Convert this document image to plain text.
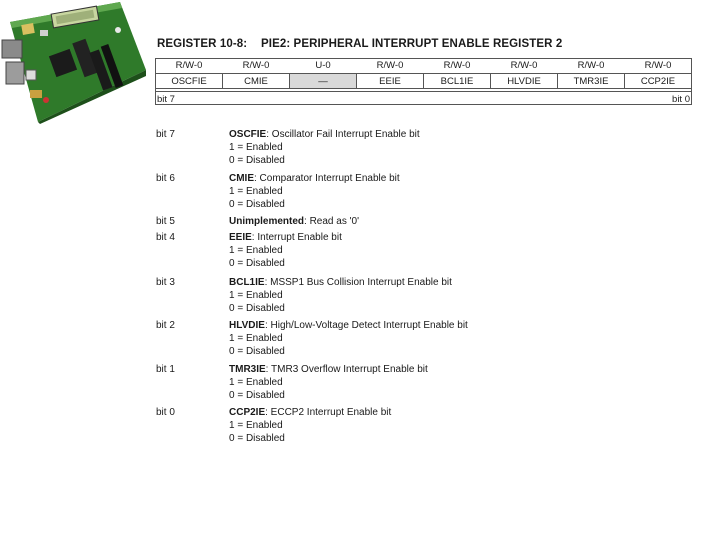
REGISTER 10-8: PIE2: PERIPHERAL INTERRUPT ENABLE REGISTER 2
R/W-0	R/W-0	U-0	R/W-0	R/W-0	R/W-0	R/W-0	R/W-0
OSCFIE	CMIE	—	EEIE	BCL1IE	HLVDIE	TMR3IE	CCP2IE
bit 7	bit 0
bit 7	OSCFIE: Oscillator Fail Interrupt Enable bit
1 = Enabled
0 = Disabled
bit 6	CMIE: Comparator Interrupt Enable bit
1 = Enabled
0 = Disabled
bit 5	Unimplemented: Read as '0'
bit 4	EEIE: Interrupt Enable bit
1 = Enabled
0 = Disabled
bit 3	BCL1IE: MSSP1 Bus Collision Interrupt Enable bit
1 = Enabled
0 = Disabled
bit 2	HLVDIE: High/Low-Voltage Detect Interrupt Enable bit
1 = Enabled
0 = Disabled
bit 1	TMR3IE: TMR3 Overflow Interrupt Enable bit
1 = Enabled
0 = Disabled
bit 0	CCP2IE: ECCP2 Interrupt Enable bit
1 = Enabled
0 = Disabled
